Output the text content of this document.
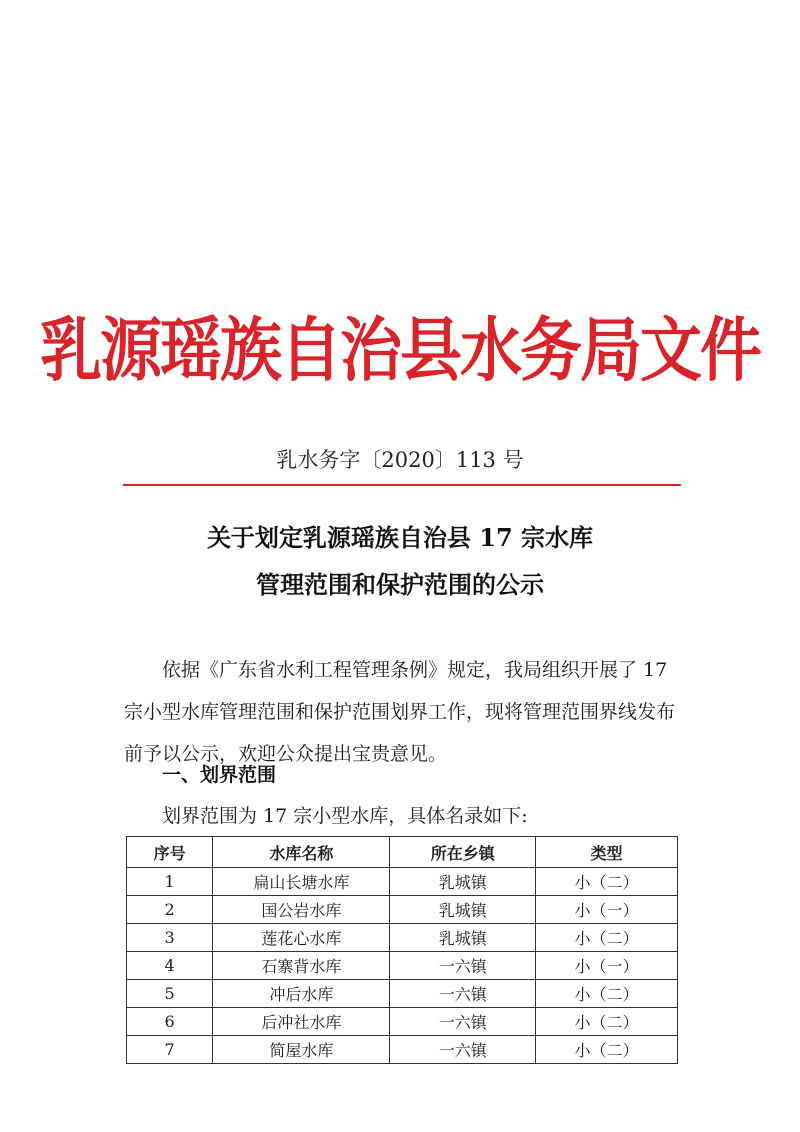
乳源瑶族自治县水务局文件
乳水务字〔2020〕113 号
关于划定乳源瑶族自治县 17 宗水库
管理范围和保护范围的公示
依据《广东省水利工程管理条例》规定，我局组织开展了 17 宗小型水库管理范围和保护范围划界工作，现将管理范围界线发布前予以公示，欢迎公众提出宝贵意见。
一、划界范围
划界范围为 17 宗小型水库，具体名录如下:
序号	水库名称	所在乡镇	类型
1	扁山长塘水库	乳城镇	小（二）
2	国公岩水库	乳城镇	小（一）
3	莲花心水库	乳城镇	小（二）
4	石寨背水库	一六镇	小（一）
5	冲后水库	一六镇	小（二）
6	后冲社水库	一六镇	小（二）
7	简屋水库	一六镇	小（二）
